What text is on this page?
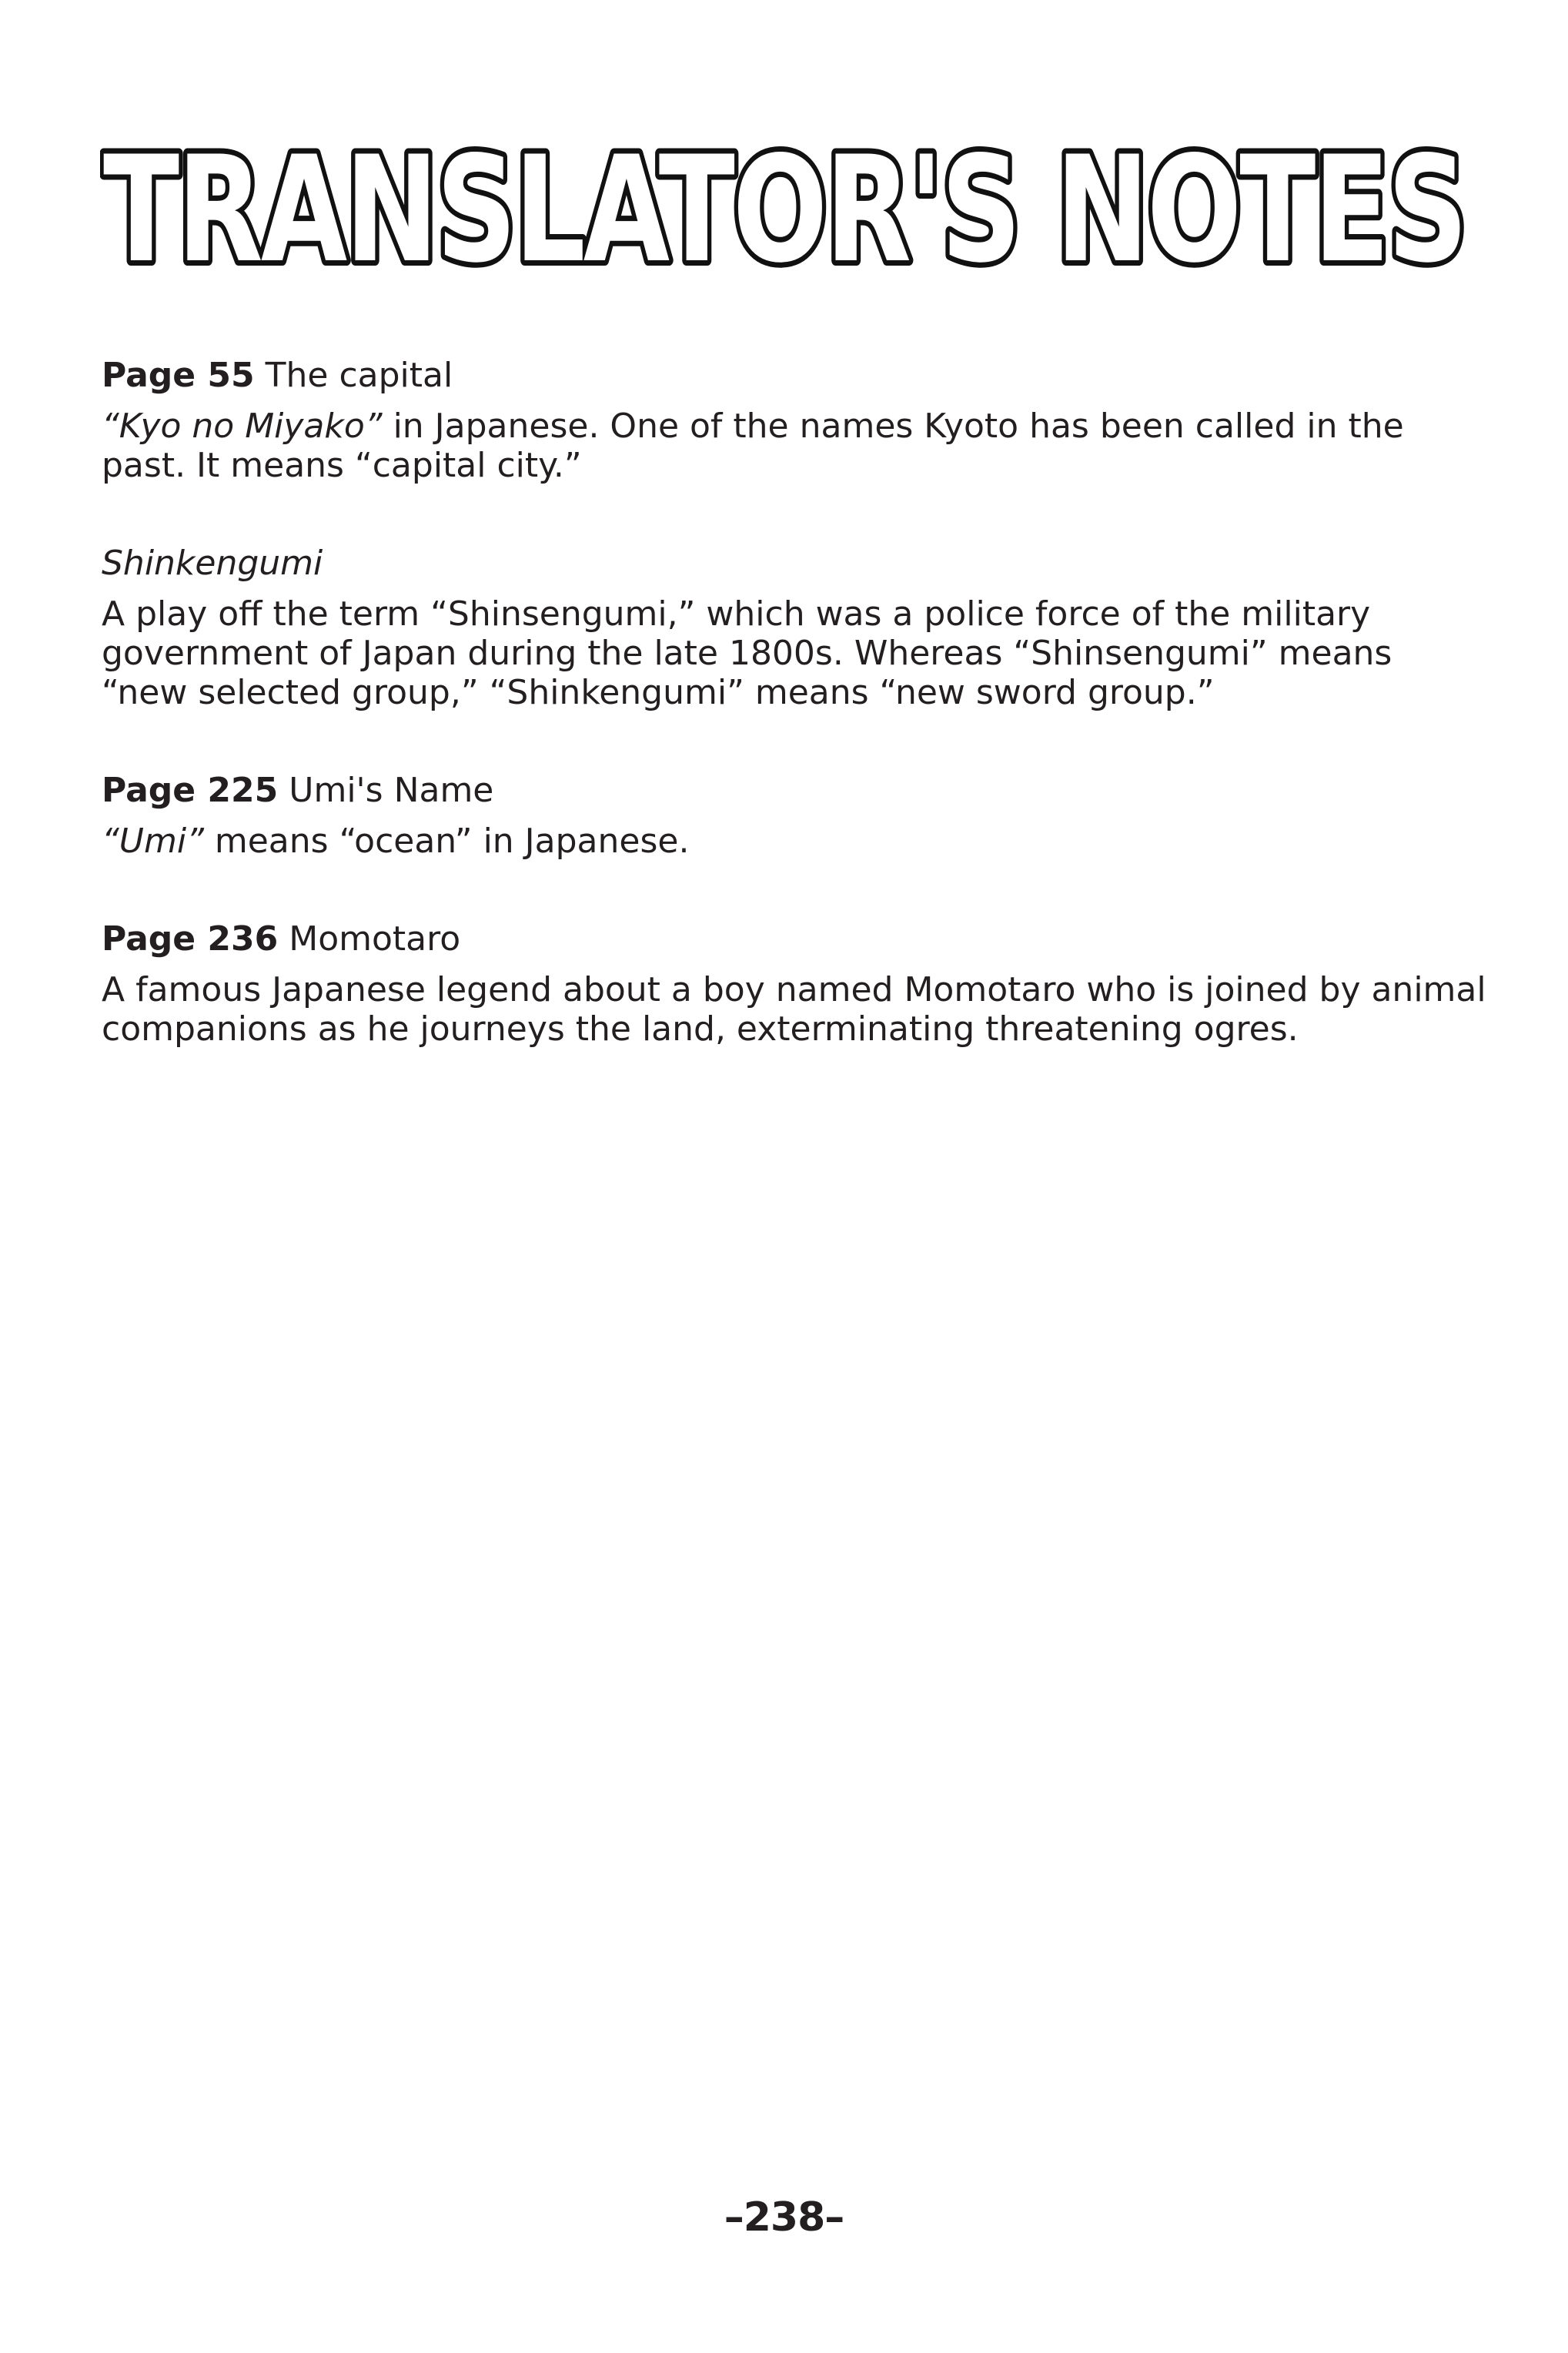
TRANSLATOR'S NOTES
Page 55 The capital

“Kyo no Miyako” in Japanese. One of the names Kyoto has been called in the past. It means “capital city.”

Shinkengumi

A play off the term “Shinsengumi,” which was a police force of the military government of Japan during the late 1800s. Whereas “Shinsengumi” means “new selected group,” “Shinkengumi” means “new sword group.”

Page 225 Umi's Name

“Umi” means “ocean” in Japanese.

Page 236 Momotaro

A famous Japanese legend about a boy named Momotaro who is joined by animal companions as he journeys the land, exterminating threatening ogres.

–238–
